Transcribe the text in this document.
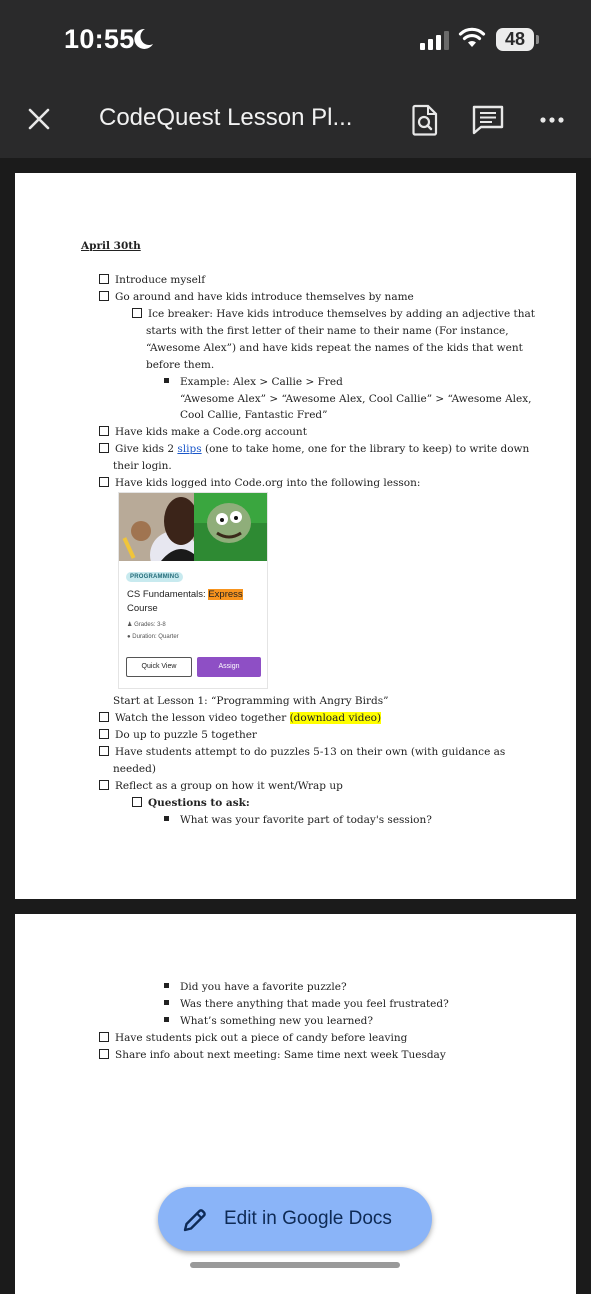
10:55	48
CodeQuest Lesson Pl...
April 30th
Introduce myself
Go around and have kids introduce themselves by name
Ice breaker: Have kids introduce themselves by adding an adjective that
starts with the first letter of their name to their name (For instance,
“Awesome Alex”) and have kids repeat the names of the kids that went
before them.
Example: Alex > Callie > Fred
“Awesome Alex” > “Awesome Alex, Cool Callie” > “Awesome Alex,
Cool Callie, Fantastic Fred”
Have kids make a Code.org account
Give kids 2 slips (one to take home, one for the library to keep) to write down
their login.
Have kids logged into Code.org into the following lesson:
PROGRAMMING
CS Fundamentals: Express
Course
♟ Grades: 3-8
● Duration: Quarter
Quick View	Assign
Start at Lesson 1: “Programming with Angry Birds”
Watch the lesson video together (download video)
Do up to puzzle 5 together
Have students attempt to do puzzles 5-13 on their own (with guidance as
needed)
Reflect as a group on how it went/Wrap up
Questions to ask:
What was your favorite part of today's session?
Did you have a favorite puzzle?
Was there anything that made you feel frustrated?
What’s something new you learned?
Have students pick out a piece of candy before leaving
Share info about next meeting: Same time next week Tuesday
Edit in Google Docs
